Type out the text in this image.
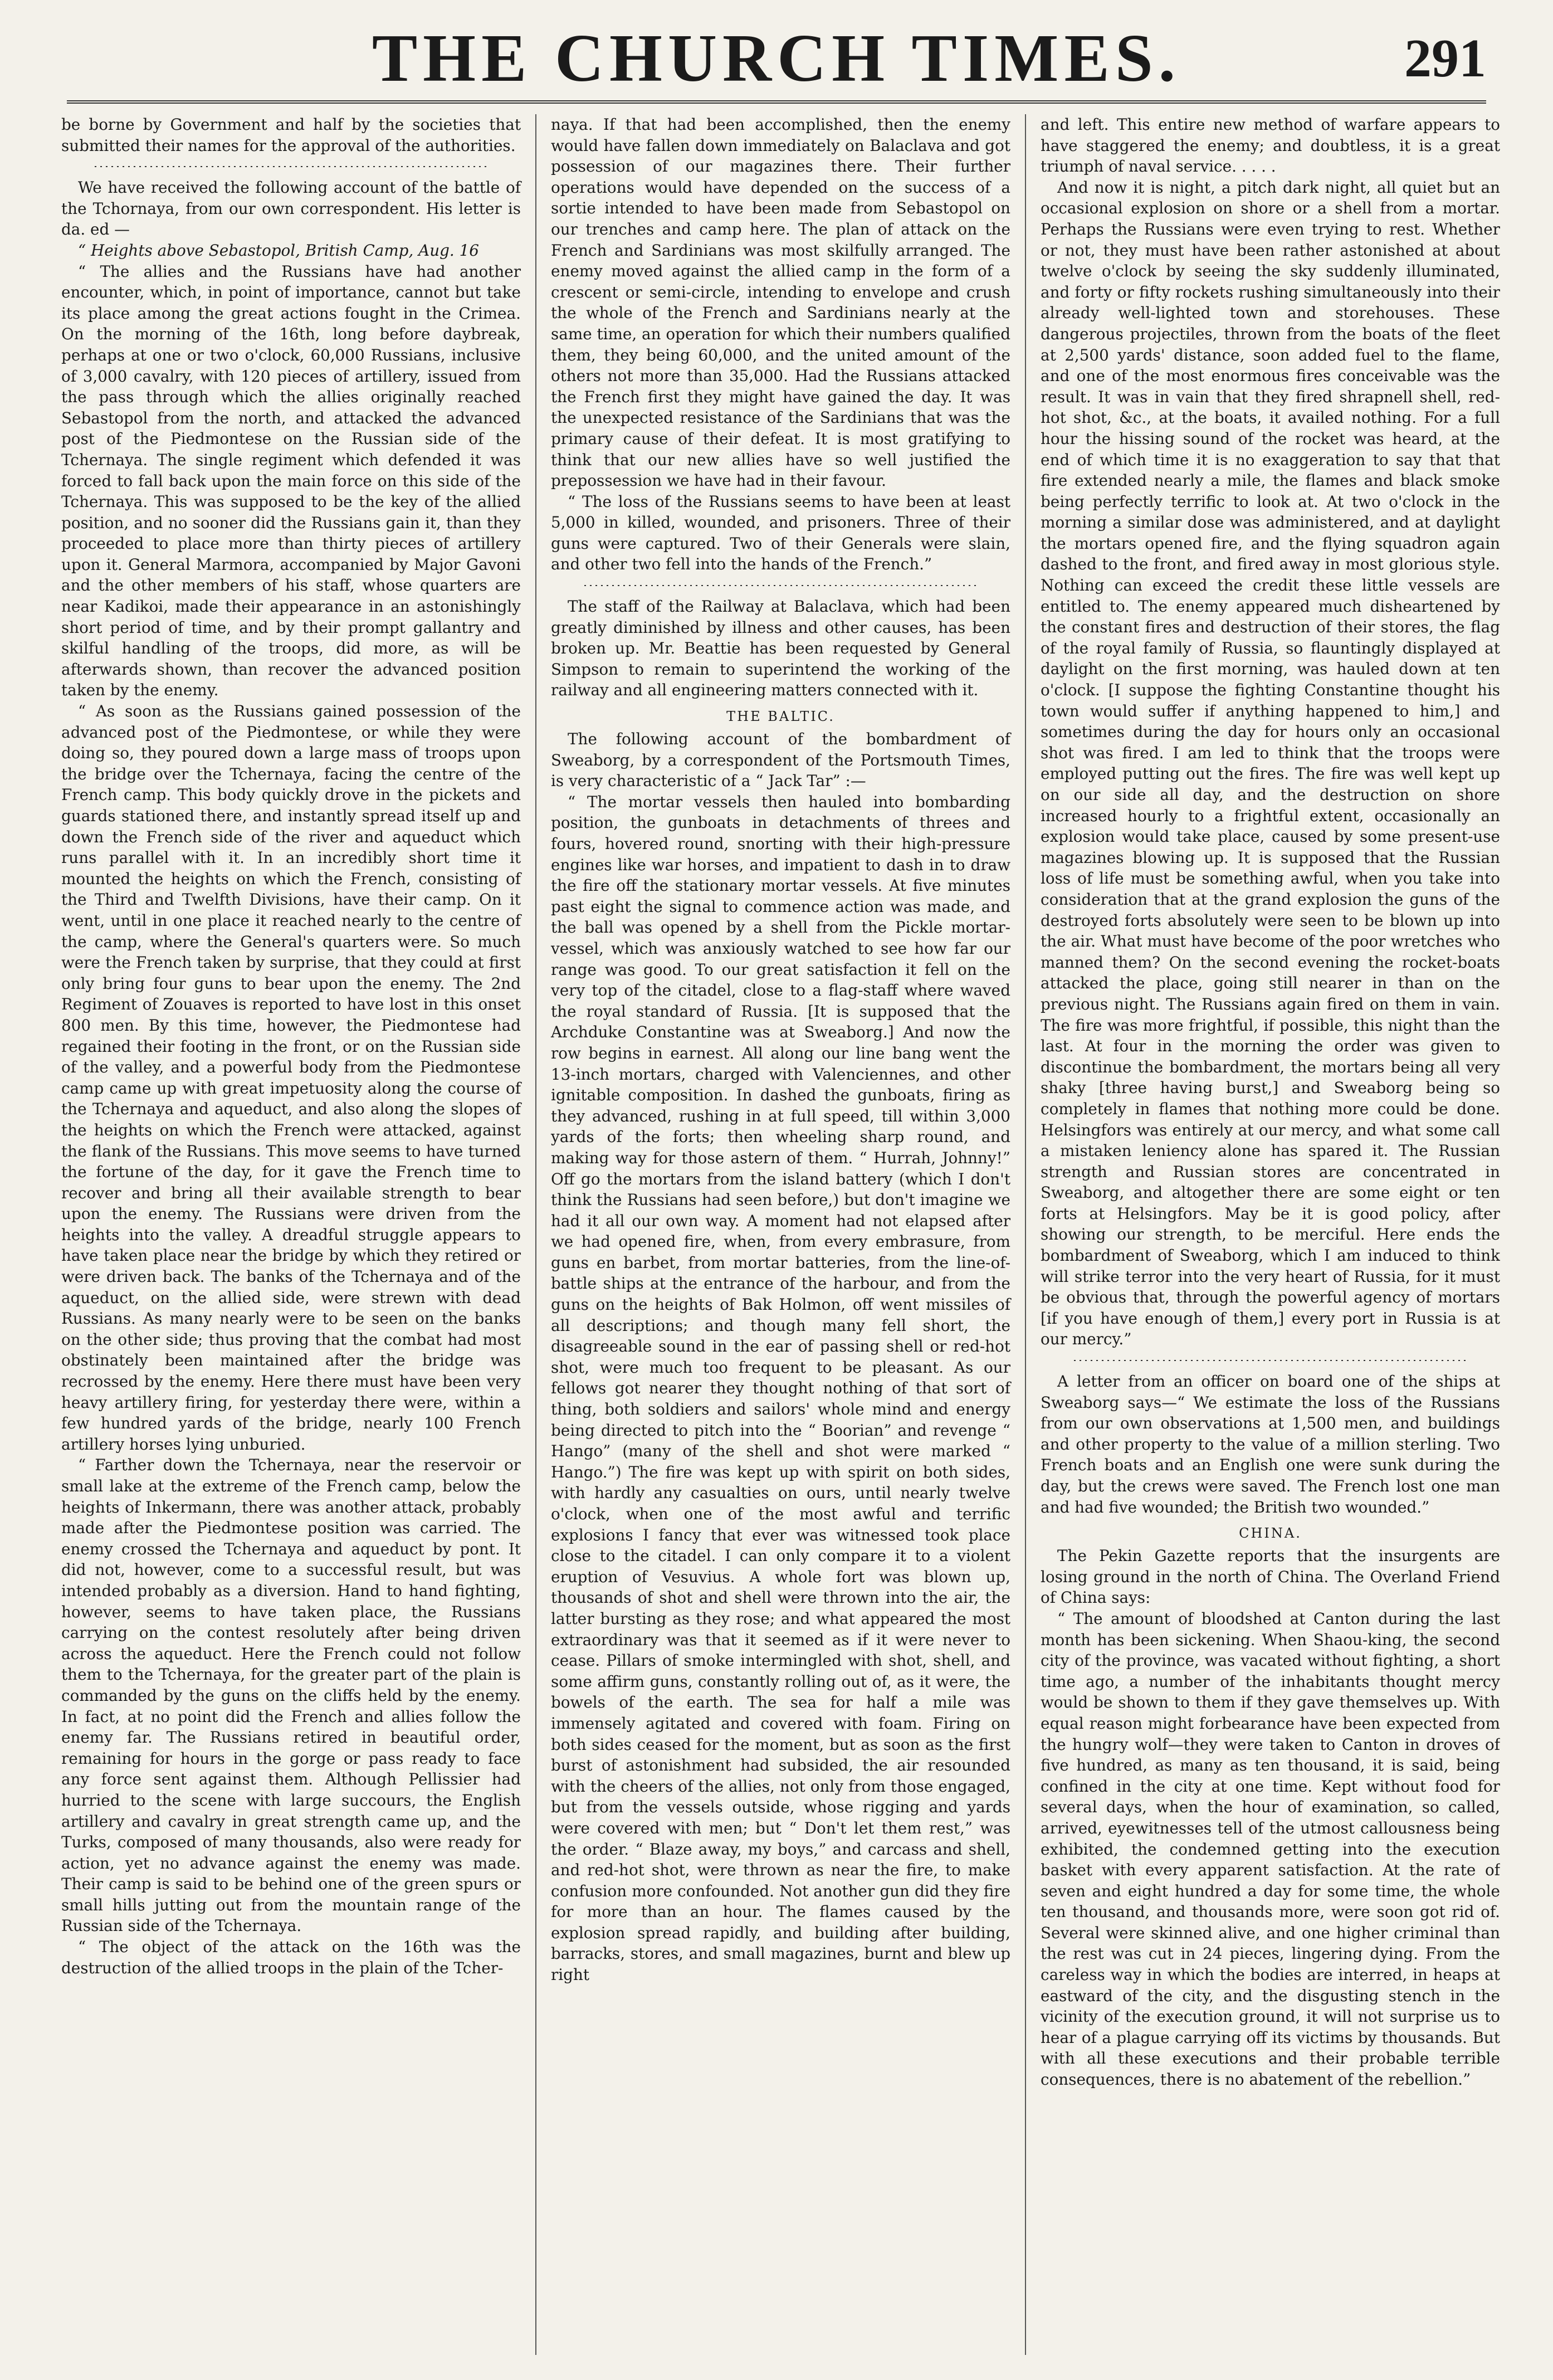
THE CHURCH TIMES.	291

be borne by Government and half by the societies that submitted their names for the approval of the authorities.

We have received the following account of the battle of the Tchornaya, from our own correspondent. His letter is da. ed —

“ Heights above Sebastopol, British Camp, Aug. 16

“ The allies and the Russians have had another encounter, which, in point of importance, cannot but take its place among the great actions fought in the Crimea. On the morning of the 16th, long before daybreak, perhaps at one or two o'clock, 60,000 Russians, inclusive of 3,000 cavalry, with 120 pieces of artillery, issued from the pass through which the allies originally reached Sebastopol from the north, and attacked the advanced post of the Piedmontese on the Russian side of the Tchernaya. The single regiment which defended it was forced to fall back upon the main force on this side of the Tchernaya. This was supposed to be the key of the allied position, and no sooner did the Russians gain it, than they proceeded to place more than thirty pieces of artillery upon it. General Marmora, accompanied by Major Gavoni and the other members of his staff, whose quarters are near Kadikoi, made their appearance in an astonishingly short period of time, and by their prompt gallantry and skilful handling of the troops, did more, as will be afterwards shown, than recover the advanced position taken by the enemy.

“ As soon as the Russians gained possession of the advanced post of the Piedmontese, or while they were doing so, they poured down a large mass of troops upon the bridge over the Tchernaya, facing the centre of the French camp. This body quickly drove in the pickets and guards stationed there, and instantly spread itself up and down the French side of the river and aqueduct which runs parallel with it. In an incredibly short time it mounted the heights on which the French, consisting of the Third and Twelfth Divisions, have their camp. On it went, until in one place it reached nearly to the centre of the camp, where the General's quarters were. So much were the French taken by surprise, that they could at first only bring four guns to bear upon the enemy. The 2nd Regiment of Zouaves is reported to have lost in this onset 800 men. By this time, however, the Piedmontese had regained their footing in the front, or on the Russian side of the valley, and a powerful body from the Piedmontese camp came up with great impetuosity along the course of the Tchernaya and aqueduct, and also along the slopes of the heights on which the French were attacked, against the flank of the Russians. This move seems to have turned the fortune of the day, for it gave the French time to recover and bring all their available strength to bear upon the enemy. The Russians were driven from the heights into the valley. A dreadful struggle appears to have taken place near the bridge by which they retired or were driven back. The banks of the Tchernaya and of the aqueduct, on the allied side, were strewn with dead Russians. As many nearly were to be seen on the banks on the other side; thus proving that the combat had most obstinately been maintained after the bridge was recrossed by the enemy. Here there must have been very heavy artillery firing, for yesterday there were, within a few hundred yards of the bridge, nearly 100 French artillery horses lying unburied.

“ Farther down the Tchernaya, near the reservoir or small lake at the extreme of the French camp, below the heights of Inkermann, there was another attack, probably made after the Piedmontese position was carried. The enemy crossed the Tchernaya and aqueduct by pont. It did not, however, come to a successful result, but was intended probably as a diversion. Hand to hand fighting, however, seems to have taken place, the Russians carrying on the contest resolutely after being driven across the aqueduct. Here the French could not follow them to the Tchernaya, for the greater part of the plain is commanded by the guns on the cliffs held by the enemy. In fact, at no point did the French and allies follow the enemy far. The Russians retired in beautiful order, remaining for hours in the gorge or pass ready to face any force sent against them. Although Pellissier had hurried to the scene with large succours, the English artillery and cavalry in great strength came up, and the Turks, composed of many thousands, also were ready for action, yet no advance against the enemy was made. Their camp is said to be behind one of the green spurs or small hills jutting out from the mountain range of the Russian side of the Tchernaya.

“ The object of the attack on the 16th was the destruction of the allied troops in the plain of the Tcher-

naya. If that had been accomplished, then the enemy would have fallen down immediately on Balaclava and got possession of our magazines there. Their further operations would have depended on the success of a sortie intended to have been made from Sebastopol on our trenches and camp here. The plan of attack on the French and Sardinians was most skilfully arranged. The enemy moved against the allied camp in the form of a crescent or semi-circle, intending to envelope and crush the whole of the French and Sardinians nearly at the same time, an operation for which their numbers qualified them, they being 60,000, and the united amount of the others not more than 35,000. Had the Russians attacked the French first they might have gained the day. It was the unexpected resistance of the Sardinians that was the primary cause of their defeat. It is most gratifying to think that our new allies have so well justified the prepossession we have had in their favour.

“ The loss of the Russians seems to have been at least 5,000 in killed, wounded, and prisoners. Three of their guns were captured. Two of their Generals were slain, and other two fell into the hands of the French.”

The staff of the Railway at Balaclava, which had been greatly diminished by illness and other causes, has been broken up. Mr. Beattie has been requested by General Simpson to remain to superintend the working of the railway and all engineering matters connected with it.

THE BALTIC.

The following account of the bombardment of Sweaborg, by a correspondent of the Portsmouth Times, is very characteristic of a “ Jack Tar” :—

“ The mortar vessels then hauled into bombarding position, the gunboats in detachments of threes and fours, hovered round, snorting with their high-pressure engines like war horses, and impatient to dash in to draw the fire off the stationary mortar vessels. At five minutes past eight the signal to commence action was made, and the ball was opened by a shell from the Pickle mortar-vessel, which was anxiously watched to see how far our range was good. To our great satisfaction it fell on the very top of the citadel, close to a flag-staff where waved the royal standard of Russia. [It is supposed that the Archduke Constantine was at Sweaborg.] And now the row begins in earnest. All along our line bang went the 13-inch mortars, charged with Valenciennes, and other ignitable composition. In dashed the gunboats, firing as they advanced, rushing in at full speed, till within 3,000 yards of the forts; then wheeling sharp round, and making way for those astern of them. “ Hurrah, Johnny!” Off go the mortars from the island battery (which I don't think the Russians had seen before,) but don't imagine we had it all our own way. A moment had not elapsed after we had opened fire, when, from every embrasure, from guns en barbet, from mortar batteries, from the line-of-battle ships at the entrance of the harbour, and from the guns on the heights of Bak Holmon, off went missiles of all descriptions; and though many fell short, the disagreeable sound in the ear of passing shell or red-hot shot, were much too frequent to be pleasant. As our fellows got nearer they thought nothing of that sort of thing, both soldiers and sailors' whole mind and energy being directed to pitch into the “ Boorian” and revenge “ Hango” (many of the shell and shot were marked “ Hango.”) The fire was kept up with spirit on both sides, with hardly any casualties on ours, until nearly twelve o'clock, when one of the most awful and terrific explosions I fancy that ever was witnessed took place close to the citadel. I can only compare it to a violent eruption of Vesuvius. A whole fort was blown up, thousands of shot and shell were thrown into the air, the latter bursting as they rose; and what appeared the most extraordinary was that it seemed as if it were never to cease. Pillars of smoke intermingled with shot, shell, and some affirm guns, constantly rolling out of, as it were, the bowels of the earth. The sea for half a mile was immensely agitated and covered with foam. Firing on both sides ceased for the moment, but as soon as the first burst of astonishment had subsided, the air resounded with the cheers of the allies, not only from those engaged, but from the vessels outside, whose rigging and yards were covered with men; but “ Don't let them rest,” was the order. “ Blaze away, my boys,” and carcass and shell, and red-hot shot, were thrown as near the fire, to make confusion more confounded. Not another gun did they fire for more than an hour. The flames caused by the explosion spread rapidly, and building after building, barracks, stores, and small magazines, burnt and blew up right

and left. This entire new method of warfare appears to have staggered the enemy; and doubtless, it is a great triumph of naval service. . . . .

And now it is night, a pitch dark night, all quiet but an occasional explosion on shore or a shell from a mortar. Perhaps the Russians were even trying to rest. Whether or not, they must have been rather astonished at about twelve o'clock by seeing the sky suddenly illuminated, and forty or fifty rockets rushing simultaneously into their already well-lighted town and storehouses. These dangerous projectiles, thrown from the boats of the fleet at 2,500 yards' distance, soon added fuel to the flame, and one of the most enormous fires conceivable was the result. It was in vain that they fired shrapnell shell, red-hot shot, &c., at the boats, it availed nothing. For a full hour the hissing sound of the rocket was heard, at the end of which time it is no exaggeration to say that that fire extended nearly a mile, the flames and black smoke being perfectly terrific to look at. At two o'clock in the morning a similar dose was administered, and at daylight the mortars opened fire, and the flying squadron again dashed to the front, and fired away in most glorious style. Nothing can exceed the credit these little vessels are entitled to. The enemy appeared much disheartened by the constant fires and destruction of their stores, the flag of the royal family of Russia, so flauntingly displayed at daylight on the first morning, was hauled down at ten o'clock. [I suppose the fighting Constantine thought his town would suffer if anything happened to him,] and sometimes during the day for hours only an occasional shot was fired. I am led to think that the troops were employed putting out the fires. The fire was well kept up on our side all day, and the destruction on shore increased hourly to a frightful extent, occasionally an explosion would take place, caused by some present-use magazines blowing up. It is supposed that the Russian loss of life must be something awful, when you take into consideration that at the grand explosion the guns of the destroyed forts absolutely were seen to be blown up into the air. What must have become of the poor wretches who manned them? On the second evening the rocket-boats attacked the place, going still nearer in than on the previous night. The Russians again fired on them in vain. The fire was more frightful, if possible, this night than the last. At four in the morning the order was given to discontinue the bombardment, the mortars being all very shaky [three having burst,] and Sweaborg being so completely in flames that nothing more could be done. Helsingfors was entirely at our mercy, and what some call a mistaken leniency alone has spared it. The Russian strength and Russian stores are concentrated in Sweaborg, and altogether there are some eight or ten forts at Helsingfors. May be it is good policy, after showing our strength, to be merciful. Here ends the bombardment of Sweaborg, which I am induced to think will strike terror into the very heart of Russia, for it must be obvious that, through the powerful agency of mortars [if you have enough of them,] every port in Russia is at our mercy.”

A letter from an officer on board one of the ships at Sweaborg says—“ We estimate the loss of the Russians from our own observations at 1,500 men, and buildings and other property to the value of a million sterling. Two French boats and an English one were sunk during the day, but the crews were saved. The French lost one man and had five wounded; the British two wounded.”

CHINA.

The Pekin Gazette reports that the insurgents are losing ground in the north of China. The Overland Friend of China says:

“ The amount of bloodshed at Canton during the last month has been sickening. When Shaou-king, the second city of the province, was vacated without fighting, a short time ago, a number of the inhabitants thought mercy would be shown to them if they gave themselves up. With equal reason might forbearance have been expected from the hungry wolf—they were taken to Canton in droves of five hundred, as many as ten thousand, it is said, being confined in the city at one time. Kept without food for several days, when the hour of examination, so called, arrived, eyewitnesses tell of the utmost callousness being exhibited, the condemned getting into the execution basket with every apparent satisfaction. At the rate of seven and eight hundred a day for some time, the whole ten thousand, and thousands more, were soon got rid of. Several were skinned alive, and one higher criminal than the rest was cut in 24 pieces, lingering dying. From the careless way in which the bodies are interred, in heaps at eastward of the city, and the disgusting stench in the vicinity of the execution ground, it will not surprise us to hear of a plague carrying off its victims by thousands. But with all these executions and their probable terrible consequences, there is no abatement of the rebellion.”
